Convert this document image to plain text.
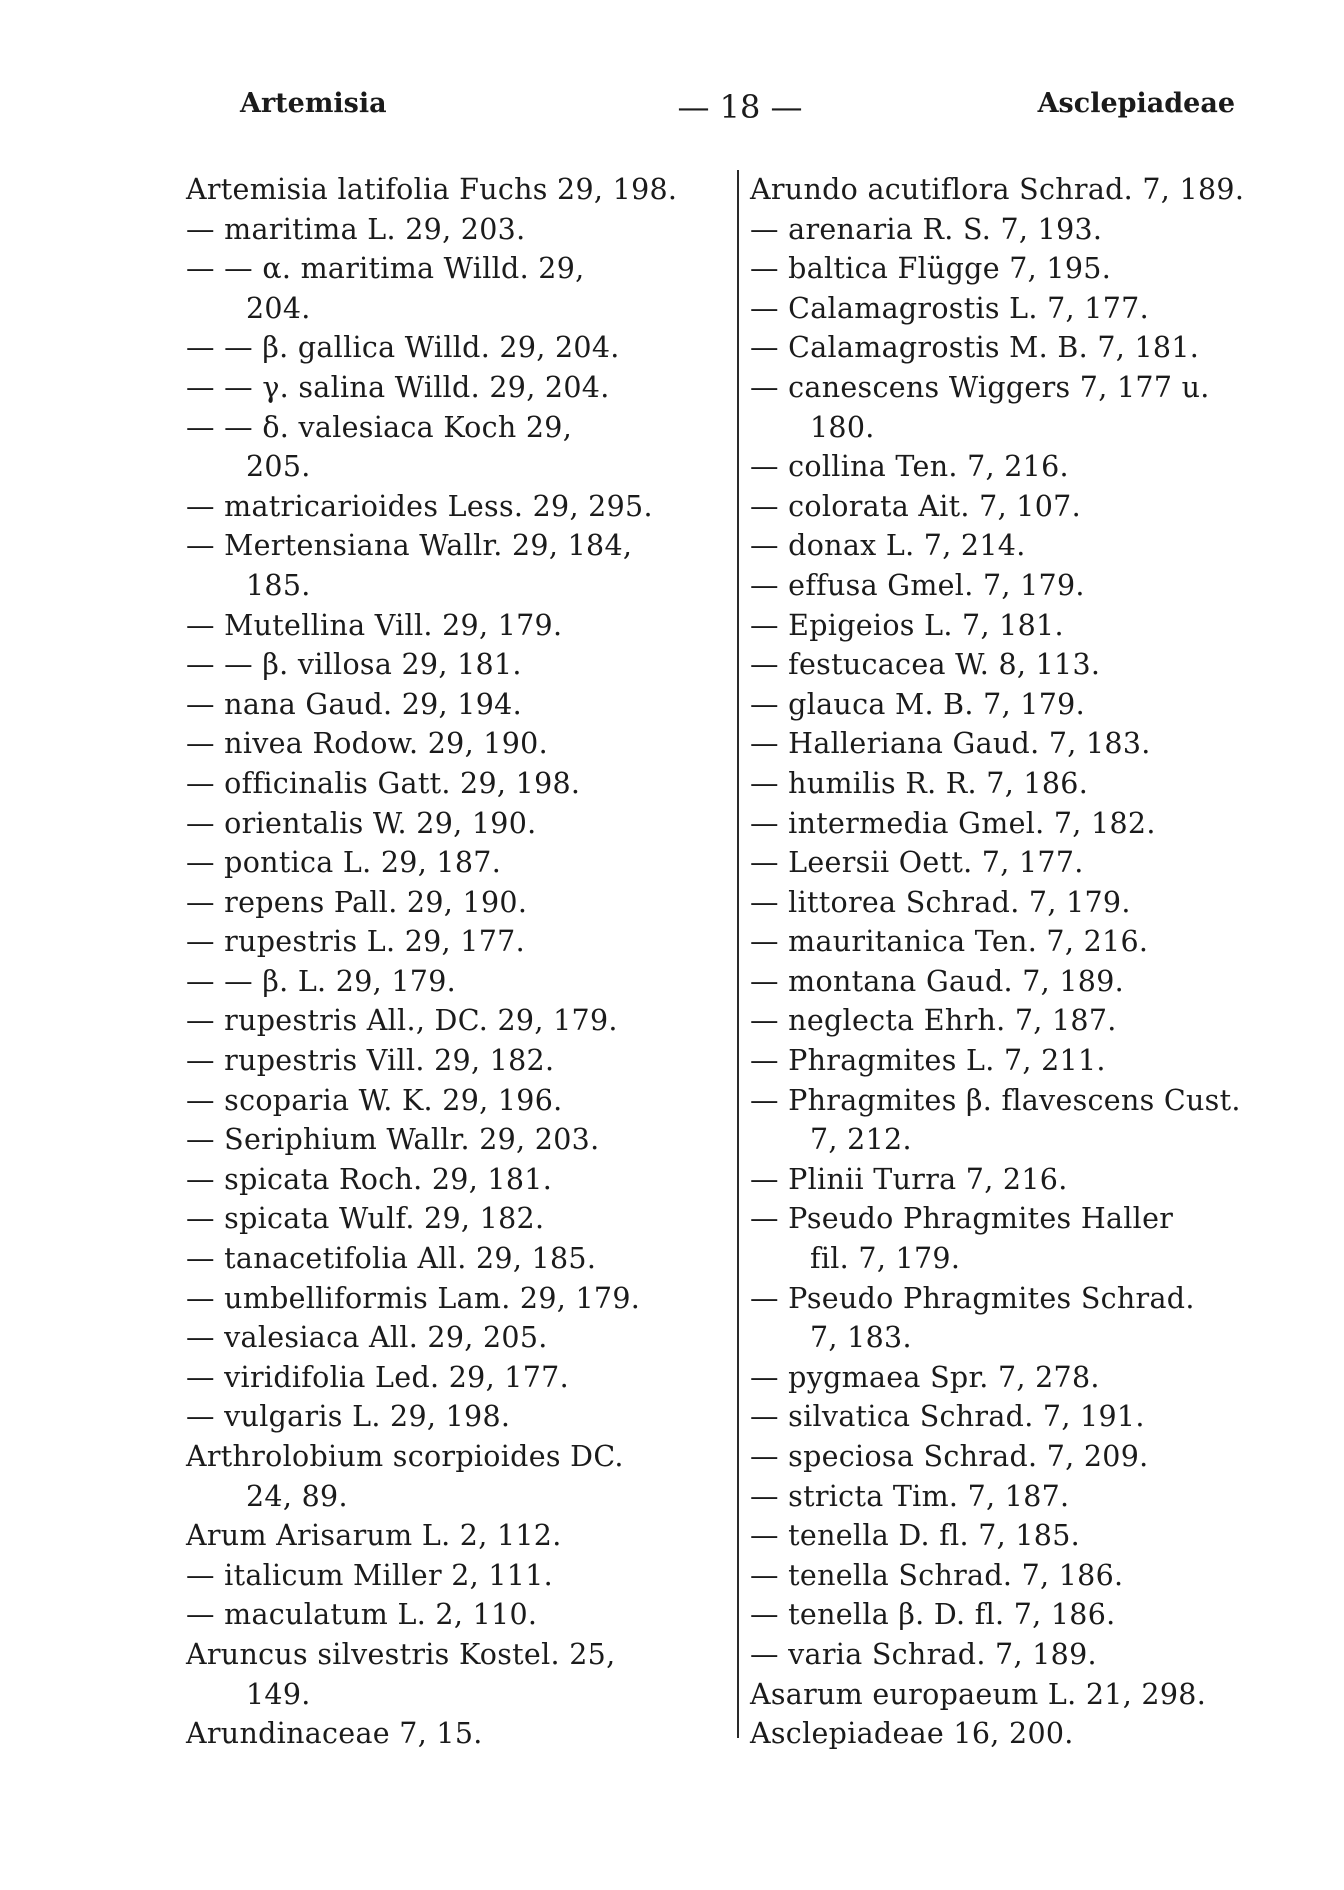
Artemisia	— 18 —	Asclepiadeae
Artemisia latifolia Fuchs 29, 198.
— maritima L. 29, 203.
— — α. maritima Willd. 29,
204.
— — β. gallica Willd. 29, 204.
— — γ. salina Willd. 29, 204.
— — δ. valesiaca Koch 29,
205.
— matricarioides Less. 29, 295.
— Mertensiana Wallr. 29, 184,
185.
— Mutellina Vill. 29, 179.
— — β. villosa 29, 181.
— nana Gaud. 29, 194.
— nivea Rodow. 29, 190.
— officinalis Gatt. 29, 198.
— orientalis W. 29, 190.
— pontica L. 29, 187.
— repens Pall. 29, 190.
— rupestris L. 29, 177.
— — β. L. 29, 179.
— rupestris All., DC. 29, 179.
— rupestris Vill. 29, 182.
— scoparia W. K. 29, 196.
— Seriphium Wallr. 29, 203.
— spicata Roch. 29, 181.
— spicata Wulf. 29, 182.
— tanacetifolia All. 29, 185.
— umbelliformis Lam. 29, 179.
— valesiaca All. 29, 205.
— viridifolia Led. 29, 177.
— vulgaris L. 29, 198.
Arthrolobium scorpioides DC.
24, 89.
Arum Arisarum L. 2, 112.
— italicum Miller 2, 111.
— maculatum L. 2, 110.
Aruncus silvestris Kostel. 25,
149.
Arundinaceae 7, 15.
Arundo acutiflora Schrad. 7, 189.
— arenaria R. S. 7, 193.
— baltica Flügge 7, 195.
— Calamagrostis L. 7, 177.
— Calamagrostis M. B. 7, 181.
— canescens Wiggers 7, 177 u.
180.
— collina Ten. 7, 216.
— colorata Ait. 7, 107.
— donax L. 7, 214.
— effusa Gmel. 7, 179.
— Epigeios L. 7, 181.
— festucacea W. 8, 113.
— glauca M. B. 7, 179.
— Halleriana Gaud. 7, 183.
— humilis R. R. 7, 186.
— intermedia Gmel. 7, 182.
— Leersii Oett. 7, 177.
— littorea Schrad. 7, 179.
— mauritanica Ten. 7, 216.
— montana Gaud. 7, 189.
— neglecta Ehrh. 7, 187.
— Phragmites L. 7, 211.
— Phragmites β. flavescens Cust.
7, 212.
— Plinii Turra 7, 216.
— Pseudo Phragmites Haller
fil. 7, 179.
— Pseudo Phragmites Schrad.
7, 183.
— pygmaea Spr. 7, 278.
— silvatica Schrad. 7, 191.
— speciosa Schrad. 7, 209.
— stricta Tim. 7, 187.
— tenella D. fl. 7, 185.
— tenella Schrad. 7, 186.
— tenella β. D. fl. 7, 186.
— varia Schrad. 7, 189.
Asarum europaeum L. 21, 298.
Asclepiadeae 16, 200.
